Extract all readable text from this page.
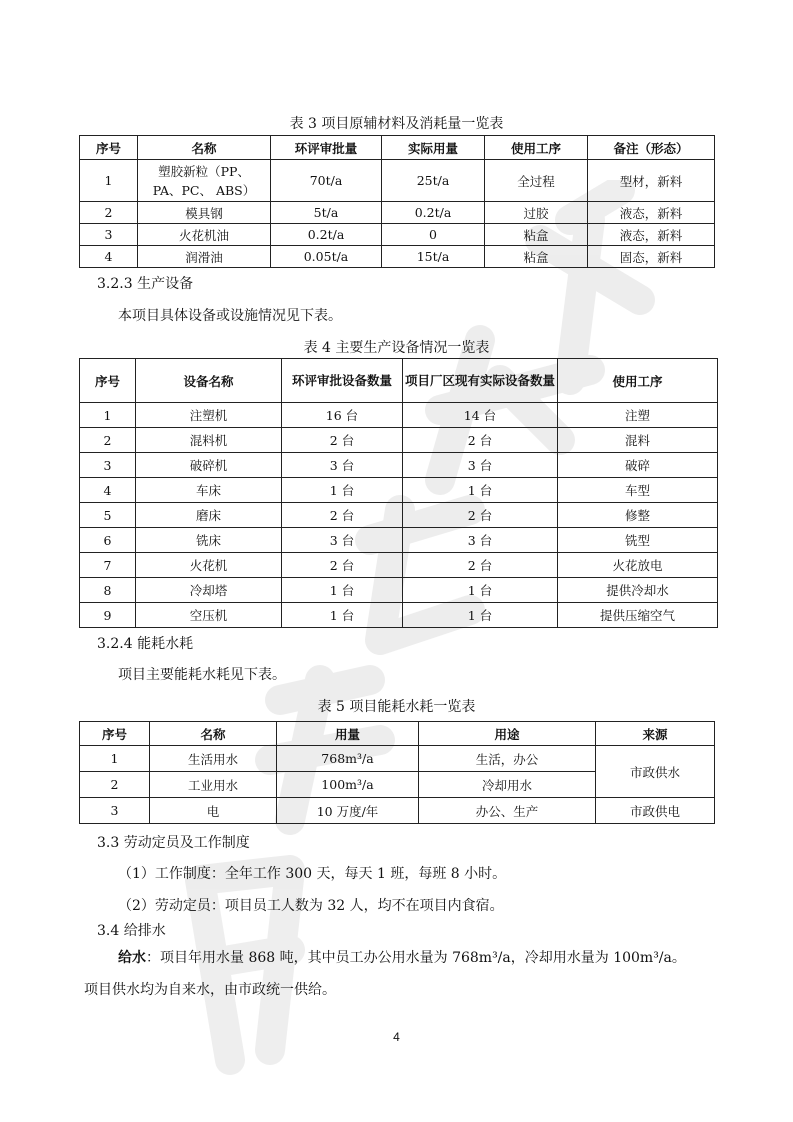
表 3 项目原辅材料及消耗量一览表
序号	名称	环评审批量	实际用量	使用工序	备注（形态）
1	塑胶新粒（PP、PA、PC、 ABS）	70t/a	25t/a	全过程	型材，新料
2	模具钢	5t/a	0.2t/a	过胶	液态，新料
3	火花机油	0.2t/a	0	粘盒	液态，新料
4	润滑油	0.05t/a	15t/a	粘盒	固态，新料
3.2.3 生产设备
本项目具体设备或设施情况见下表。
表 4 主要生产设备情况一览表
序号	设备名称	环评审批设备数量	项目厂区现有实际设备数量	使用工序
1	注塑机	16 台	14 台	注塑
2	混料机	2 台	2 台	混料
3	破碎机	3 台	3 台	破碎
4	车床	1 台	1 台	车型
5	磨床	2 台	2 台	修整
6	铣床	3 台	3 台	铣型
7	火花机	2 台	2 台	火花放电
8	冷却塔	1 台	1 台	提供冷却水
9	空压机	1 台	1 台	提供压缩空气
3.2.4 能耗水耗
项目主要能耗水耗见下表。
表 5 项目能耗水耗一览表
序号	名称	用量	用途	来源
1	生活用水	768m³/a	生活，办公	市政供水
2	工业用水	100m³/a	冷却用水	
3	电	10 万度/年	办公、生产	市政供电
3.3 劳动定员及工作制度
（1）工作制度：全年工作 300 天，每天 1 班，每班 8 小时。
（2）劳动定员：项目员工人数为 32 人，均不在项目内食宿。
3.4 给排水
给水：项目年用水量 868 吨，其中员工办公用水量为 768m³/a，冷却用水量为 100m³/a。
项目供水均为自来水，由市政统一供给。
4
